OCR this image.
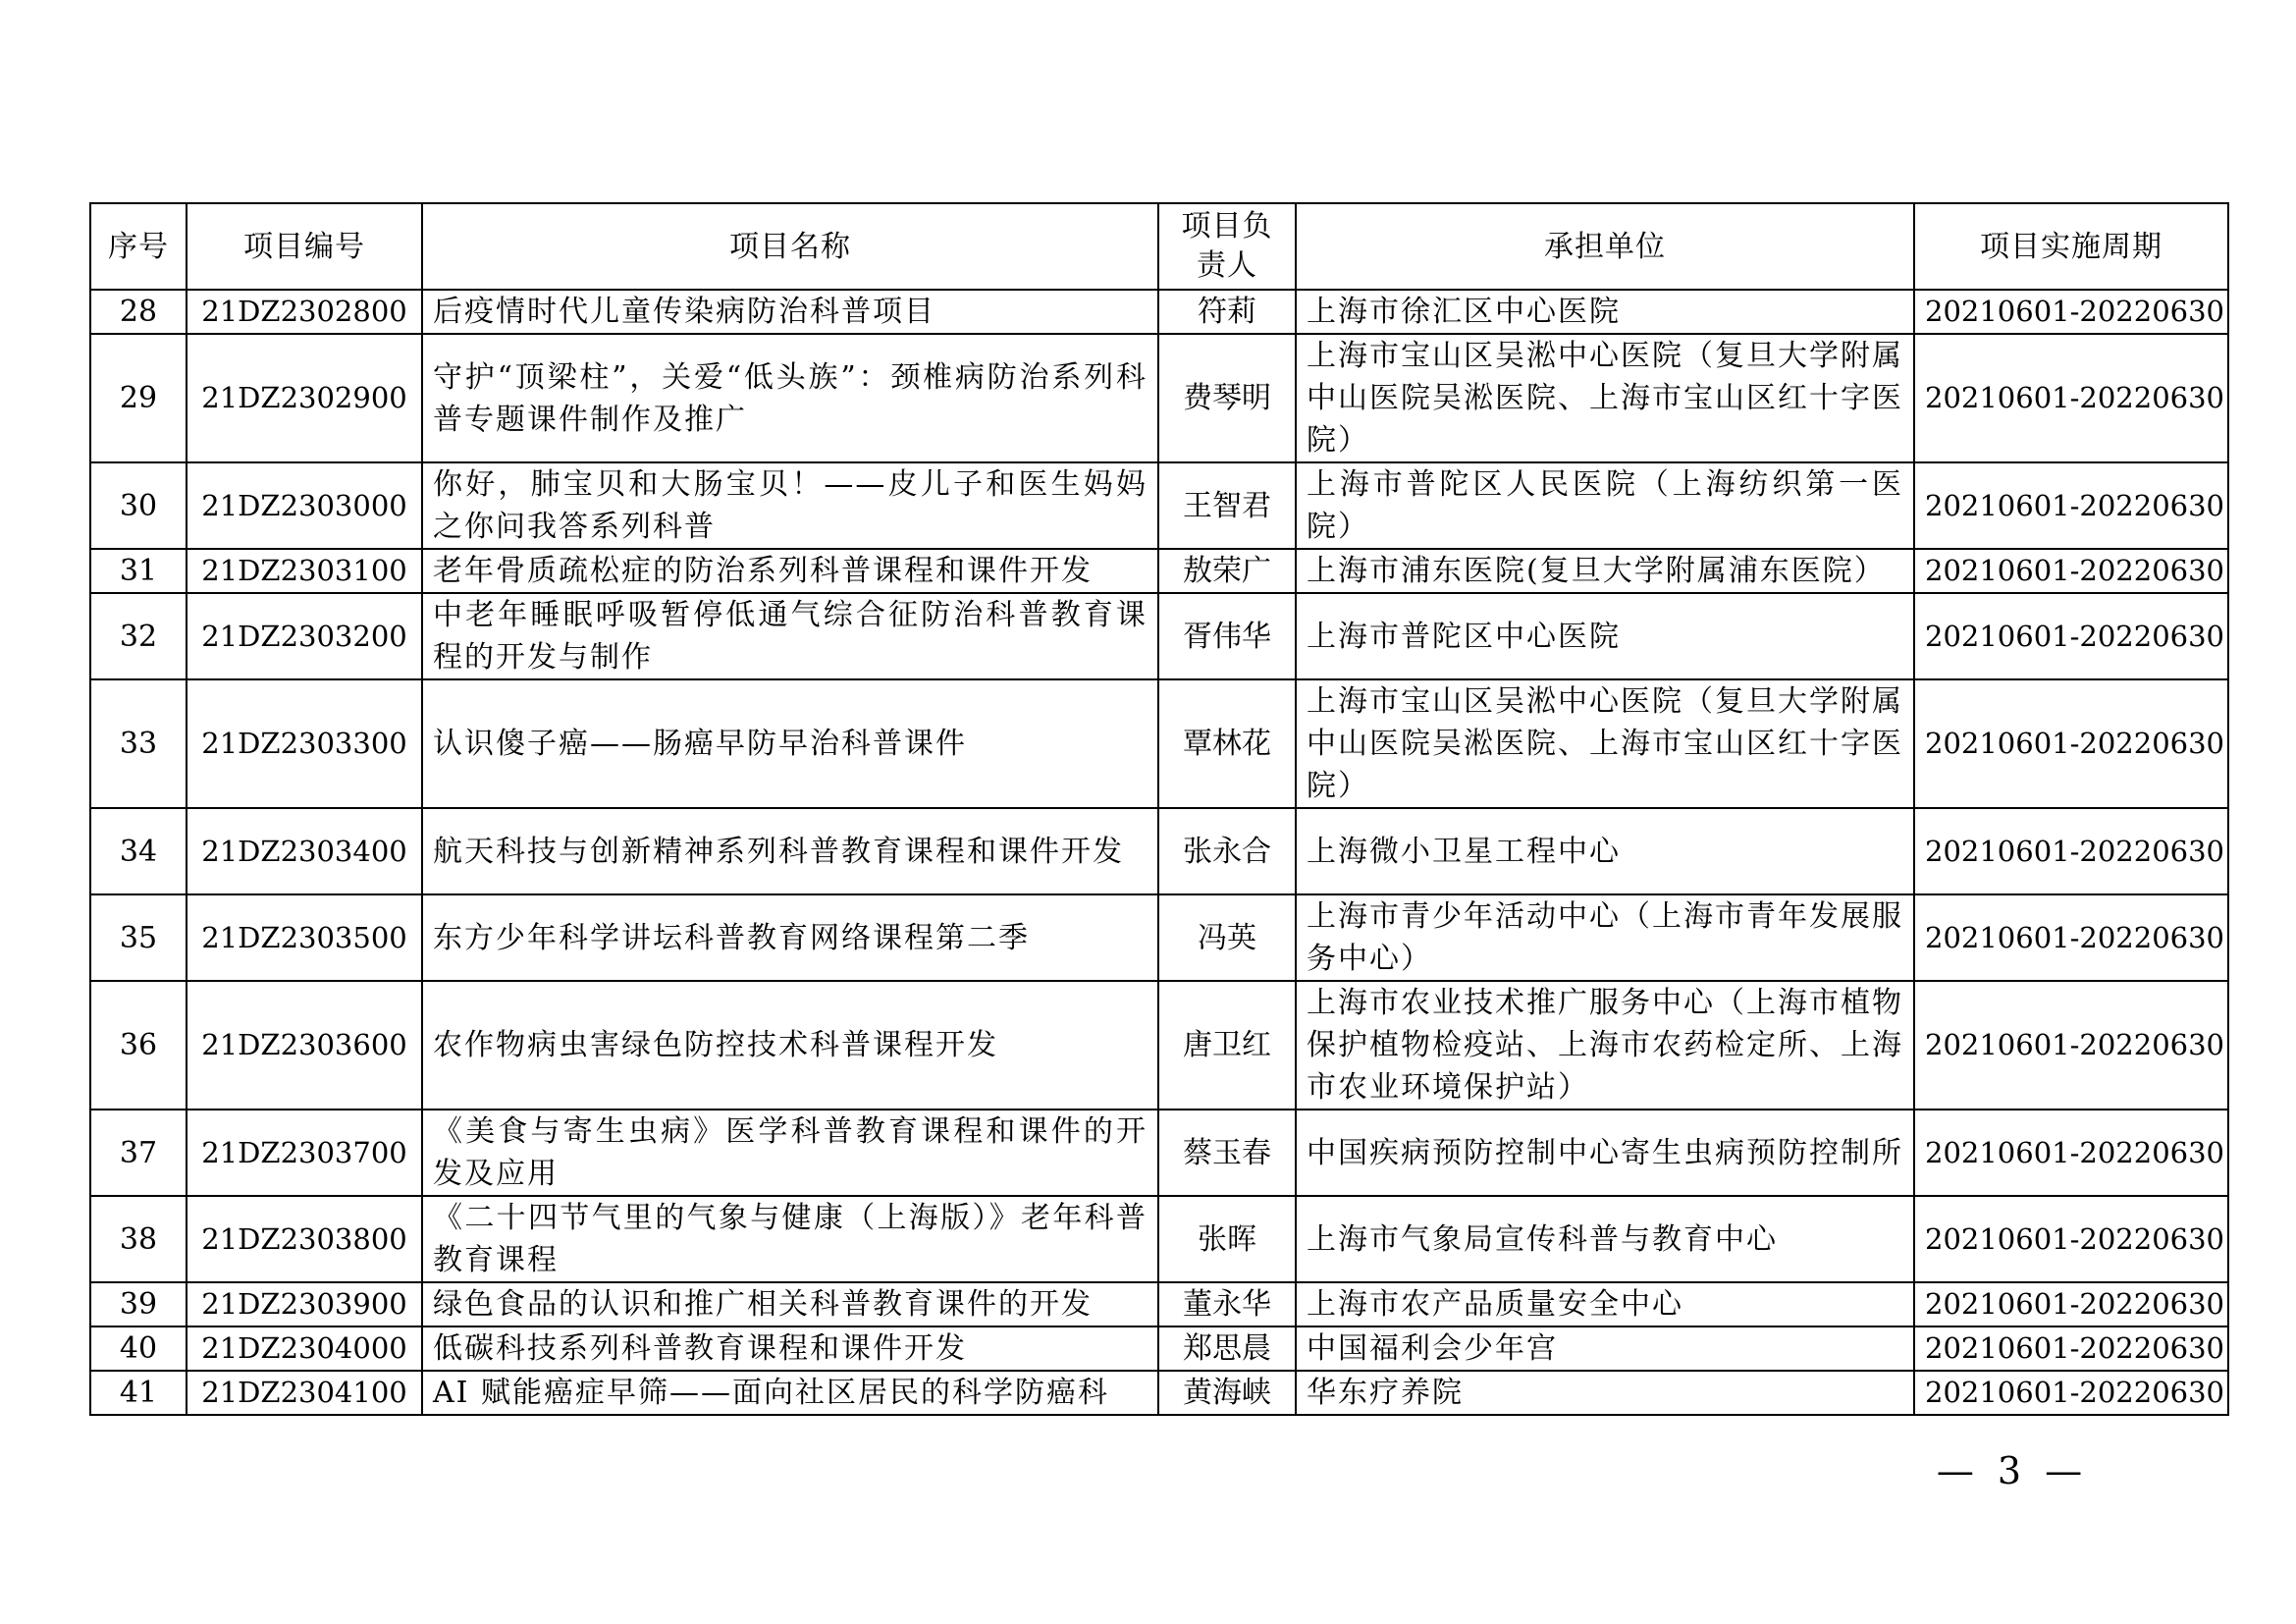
序号	项目编号	项目名称	项目负责人	承担单位	项目实施周期
28	21DZ2302800	后疫情时代儿童传染病防治科普项目	符莉	上海市徐汇区中心医院	20210601-20220630
29	21DZ2302900	守护“顶梁柱”，关爱“低头族”：颈椎病防治系列科普专题课件制作及推广	费琴明	上海市宝山区吴淞中心医院（复旦大学附属中山医院吴淞医院、上海市宝山区红十字医院）	20210601-20220630
30	21DZ2303000	你好，肺宝贝和大肠宝贝！——皮儿子和医生妈妈之你问我答系列科普	王智君	上海市普陀区人民医院（上海纺织第一医院）	20210601-20220630
31	21DZ2303100	老年骨质疏松症的防治系列科普课程和课件开发	敖荣广	上海市浦东医院(复旦大学附属浦东医院）	20210601-20220630
32	21DZ2303200	中老年睡眠呼吸暂停低通气综合征防治科普教育课程的开发与制作	胥伟华	上海市普陀区中心医院	20210601-20220630
33	21DZ2303300	认识傻子癌——肠癌早防早治科普课件	覃林花	上海市宝山区吴淞中心医院（复旦大学附属中山医院吴淞医院、上海市宝山区红十字医院）	20210601-20220630
34	21DZ2303400	航天科技与创新精神系列科普教育课程和课件开发	张永合	上海微小卫星工程中心	20210601-20220630
35	21DZ2303500	东方少年科学讲坛科普教育网络课程第二季	冯英	上海市青少年活动中心（上海市青年发展服务中心）	20210601-20220630
36	21DZ2303600	农作物病虫害绿色防控技术科普课程开发	唐卫红	上海市农业技术推广服务中心（上海市植物保护植物检疫站、上海市农药检定所、上海市农业环境保护站）	20210601-20220630
37	21DZ2303700	《美食与寄生虫病》医学科普教育课程和课件的开发及应用	蔡玉春	中国疾病预防控制中心寄生虫病预防控制所	20210601-20220630
38	21DZ2303800	《二十四节气里的气象与健康（上海版）》老年科普教育课程	张晖	上海市气象局宣传科普与教育中心	20210601-20220630
39	21DZ2303900	绿色食品的认识和推广相关科普教育课件的开发	董永华	上海市农产品质量安全中心	20210601-20220630
40	21DZ2304000	低碳科技系列科普教育课程和课件开发	郑思晨	中国福利会少年宫	20210601-20220630
41	21DZ2304100	AI 赋能癌症早筛——面向社区居民的科学防癌科	黄海峡	华东疗养院	20210601-20220630
— 3 —
